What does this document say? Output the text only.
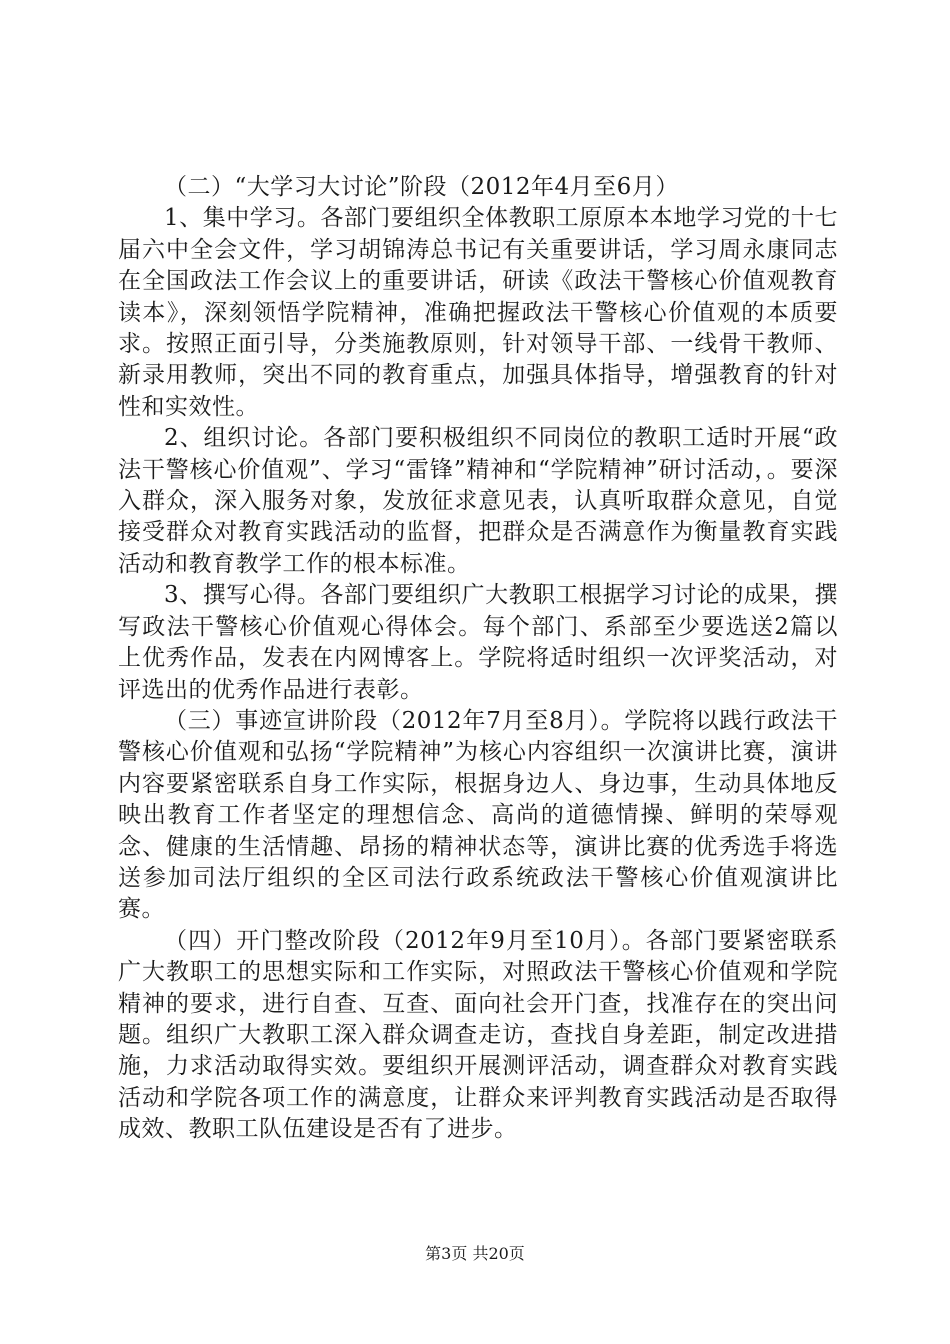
（二）“大学习大讨论”阶段（2012年4月至6月）

1、集中学习。各部门要组织全体教职工原原本本地学习党的十七届六中全会文件，学习胡锦涛总书记有关重要讲话，学习周永康同志在全国政法工作会议上的重要讲话，研读《政法干警核心价值观教育读本》，深刻领悟学院精神，准确把握政法干警核心价值观的本质要求。按照正面引导，分类施教原则，针对领导干部、一线骨干教师、新录用教师，突出不同的教育重点，加强具体指导，增强教育的针对性和实效性。

2、组织讨论。各部门要积极组织不同岗位的教职工适时开展“政法干警核心价值观”、学习“雷锋”精神和“学院精神”研讨活动，。要深入群众，深入服务对象，发放征求意见表，认真听取群众意见，自觉接受群众对教育实践活动的监督，把群众是否满意作为衡量教育实践活动和教育教学工作的根本标准。

3、撰写心得。各部门要组织广大教职工根据学习讨论的成果，撰写政法干警核心价值观心得体会。每个部门、系部至少要选送2篇以上优秀作品，发表在内网博客上。学院将适时组织一次评奖活动，对评选出的优秀作品进行表彰。

（三）事迹宣讲阶段（2012年7月至8月）。学院将以践行政法干警核心价值观和弘扬“学院精神”为核心内容组织一次演讲比赛，演讲内容要紧密联系自身工作实际，根据身边人、身边事，生动具体地反映出教育工作者坚定的理想信念、高尚的道德情操、鲜明的荣辱观念、健康的生活情趣、昂扬的精神状态等，演讲比赛的优秀选手将选送参加司法厅组织的全区司法行政系统政法干警核心价值观演讲比赛。

（四）开门整改阶段（2012年9月至10月）。各部门要紧密联系广大教职工的思想实际和工作实际，对照政法干警核心价值观和学院精神的要求，进行自查、互查、面向社会开门查，找准存在的突出问题。组织广大教职工深入群众调查走访，查找自身差距，制定改进措施，力求活动取得实效。要组织开展测评活动，调查群众对教育实践活动和学院各项工作的满意度，让群众来评判教育实践活动是否取得成效、教职工队伍建设是否有了进步。

第3页 共20页
